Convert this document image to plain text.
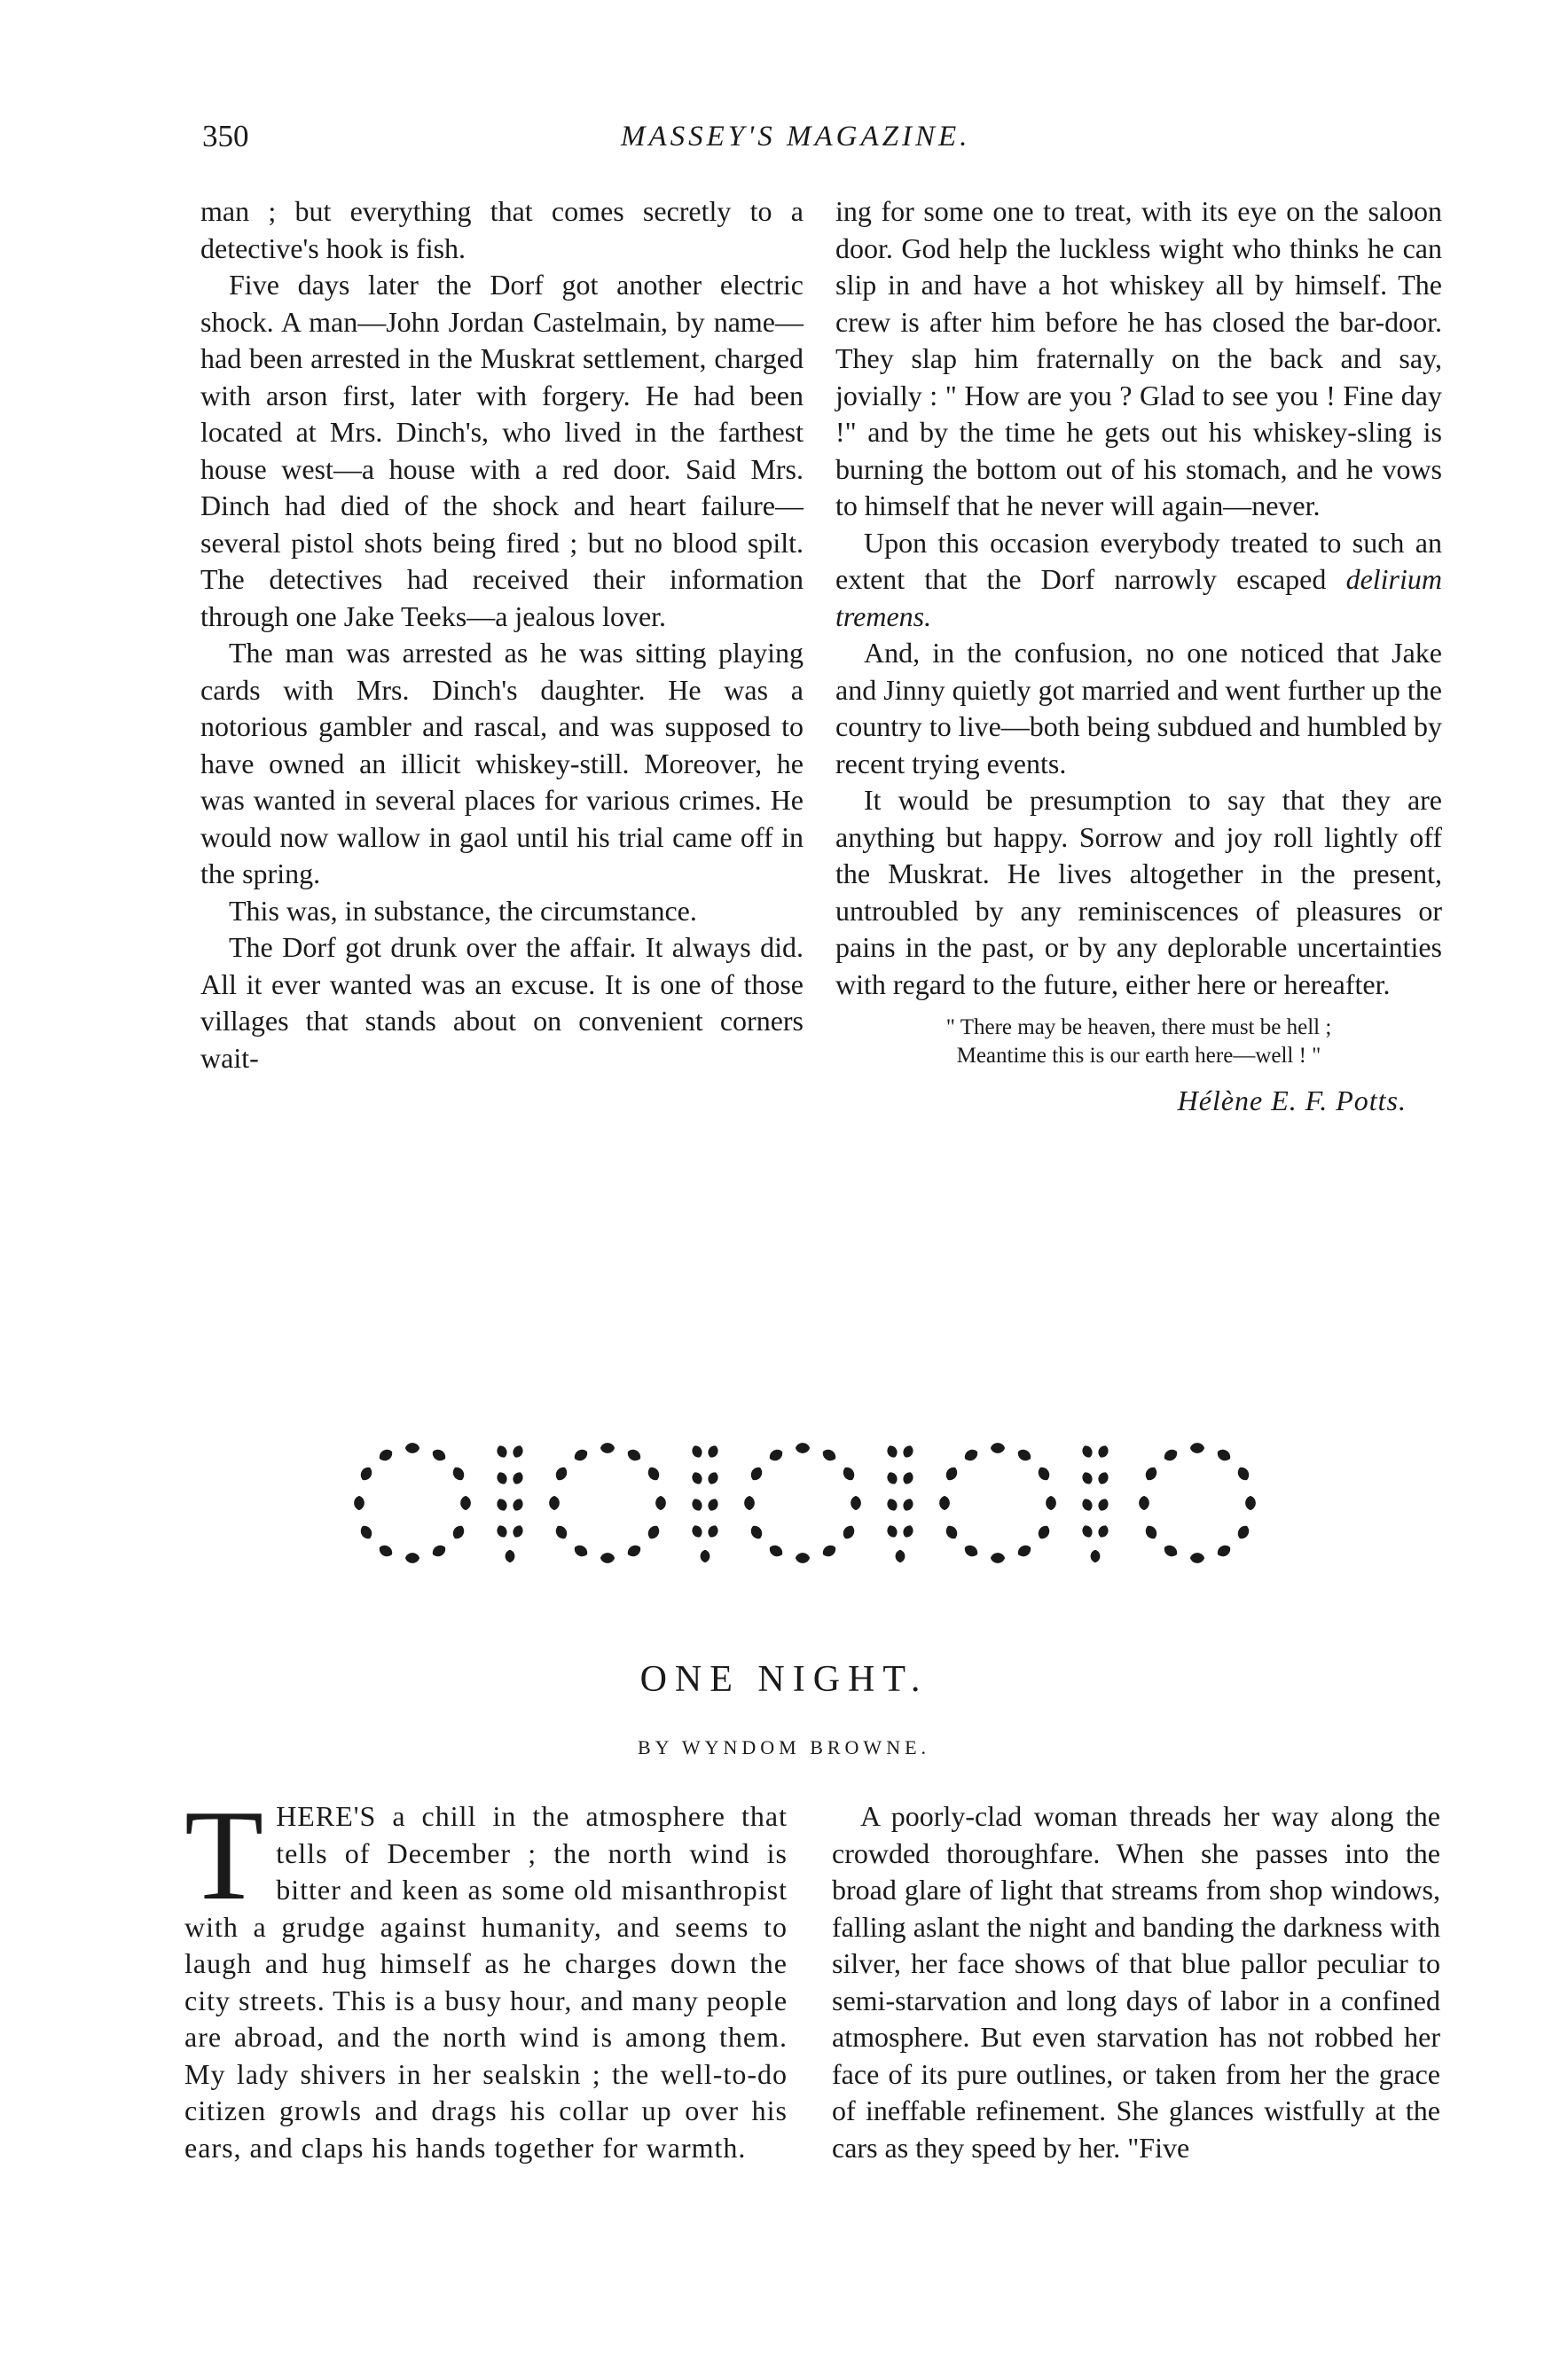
350	MASSEY'S MAGAZINE.

man ; but everything that comes secretly to a detective's hook is fish.

Five days later the Dorf got another electric shock. A man—John Jordan Castelmain, by name—had been arrested in the Muskrat settlement, charged with arson first, later with forgery. He had been located at Mrs. Dinch's, who lived in the farthest house west—a house with a red door. Said Mrs. Dinch had died of the shock and heart failure—several pistol shots being fired ; but no blood spilt. The detectives had received their information through one Jake Teeks—a jealous lover.

The man was arrested as he was sitting playing cards with Mrs. Dinch's daughter. He was a notorious gambler and rascal, and was supposed to have owned an illicit whiskey-still. Moreover, he was wanted in several places for various crimes. He would now wallow in gaol until his trial came off in the spring.

This was, in substance, the circumstance.

The Dorf got drunk over the affair. It always did. All it ever wanted was an excuse. It is one of those villages that stands about on convenient corners wait-

ing for some one to treat, with its eye on the saloon door. God help the luckless wight who thinks he can slip in and have a hot whiskey all by himself. The crew is after him before he has closed the bar-door. They slap him fraternally on the back and say, jovially : " How are you ? Glad to see you ! Fine day !" and by the time he gets out his whiskey-sling is burning the bottom out of his stomach, and he vows to himself that he never will again—never.

Upon this occasion everybody treated to such an extent that the Dorf narrowly escaped delirium tremens.

And, in the confusion, no one noticed that Jake and Jinny quietly got married and went further up the country to live—both being subdued and humbled by recent trying events.

It would be presumption to say that they are anything but happy. Sorrow and joy roll lightly off the Muskrat. He lives altogether in the present, untroubled by any reminiscences of pleasures or pains in the past, or by any deplorable uncertainties with regard to the future, either here or hereafter.

" There may be heaven, there must be hell ;
Meantime this is our earth here—well ! "
Hélène E. F. Potts.
ONE NIGHT.
BY WYNDOM BROWNE.

THERE'S a chill in the atmosphere that tells of December ; the north wind is bitter and keen as some old misanthropist with a grudge against humanity, and seems to laugh and hug himself as he charges down the city streets. This is a busy hour, and many people are abroad, and the north wind is among them. My lady shivers in her sealskin ; the well-to-do citizen growls and drags his collar up over his ears, and claps his hands together for warmth.

A poorly-clad woman threads her way along the crowded thoroughfare. When she passes into the broad glare of light that streams from shop windows, falling aslant the night and banding the darkness with silver, her face shows of that blue pallor peculiar to semi-starvation and long days of labor in a confined atmosphere. But even starvation has not robbed her face of its pure outlines, or taken from her the grace of ineffable refinement. She glances wistfully at the cars as they speed by her. "Five
